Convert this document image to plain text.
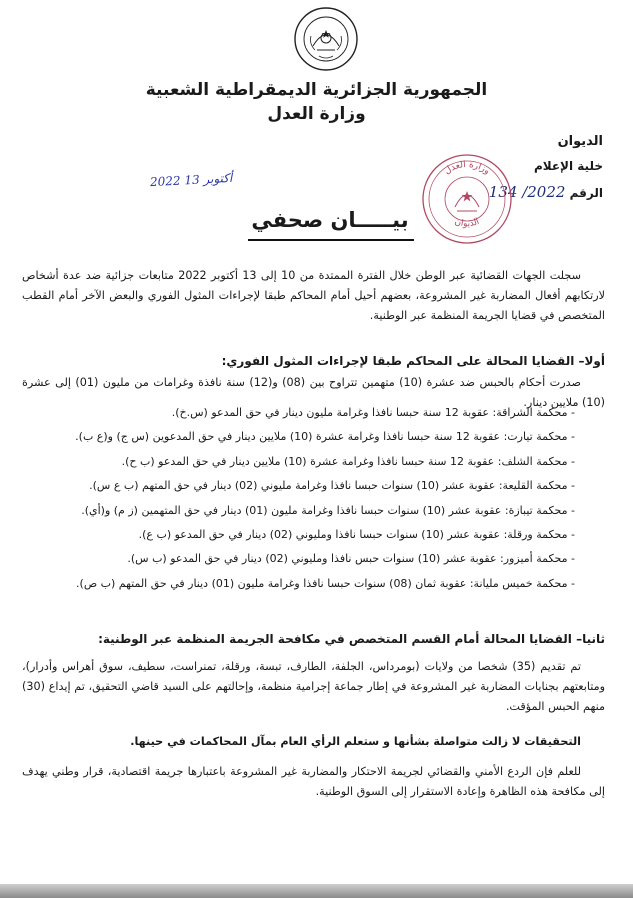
الجمهورية الجزائرية الديمقراطية الشعبية
وزارة العدل
الديوان
خلية الإعلام
الرقم 2022/ 134
2022 13 أكتوبر
وزارة العدل
الديوان
بيـــــان صحفي
سجلت الجهات القضائية عبر الوطن خلال الفترة الممتدة من 10 إلى 13 أكتوبر 2022 متابعات جزائية ضد عدة أشخاص لارتكابهم أفعال المضاربة غير المشروعة، بعضهم أحيل أمام المحاكم طبقا لإجراءات المثول الفوري والبعض الآخر أمام القطب المتخصص في قضايا الجريمة المنظمة عبر الوطنية.
أولا– القضايا المحالة على المحاكم طبقا لإجراءات المثول الفوري:
صدرت أحكام بالحبس ضد عشرة (10) متهمين تتراوح بين (08) و(12) سنة نافذة وغرامات من مليون (01) إلى عشرة (10) ملايين دينار.
- محكمة الشراقة: عقوبة 12 سنة حبسا نافذا وغرامة مليون دينار في حق المدعو (س.خ).
- محكمة تيارت: عقوبة 12 سنة حبسا نافذا وغرامة عشرة (10) ملايين دينار في حق المدعوين (س ج) و(ع ب).
- محكمة الشلف: عقوبة 12 سنة حبسا نافذا وغرامة عشرة (10) ملايين دينار في حق المدعو (ب ح).
- محكمة القليعة: عقوبة عشر (10) سنوات حبسا نافذا وغرامة مليوني (02) دينار في حق المتهم (ب ع س).
- محكمة تيبازة: عقوبة عشر (10) سنوات حبسا نافذا وغرامة مليون (01) دينار في حق المتهمين (ز م) و(أي).
- محكمة ورقلة: عقوبة عشر (10) سنوات حبسا نافذا ومليوني (02) دينار في حق المدعو (ب ع).
- محكمة أميزور: عقوبة عشر (10) سنوات حبس نافذا ومليوني (02) دينار في حق المدعو (ب س).
- محكمة خميس مليانة: عقوبة ثمان (08) سنوات حبسا نافذا وغرامة مليون (01) دينار في حق المتهم (ب ص).
ثانيا– القضايا المحالة أمام القسم المتخصص في مكافحة الجريمة المنظمة عبر الوطنية:
تم تقديم (35) شخصا من ولايات (بومرداس، الجلفة، الطارف، تبسة، ورقلة، تمنراست، سطيف، سوق أهراس وأدرار)، ومتابعتهم بجنايات المضاربة غير المشروعة في إطار جماعة إجرامية منظمة، وإحالتهم على السيد قاضي التحقيق، تم إيداع (30) منهم الحبس المؤقت.
التحقيقات لا زالت متواصلة بشأنها و ستعلم الرأي العام بمآل المحاكمات في حينها.
للعلم فإن الردع الأمني والقضائي لجريمة الاحتكار والمضاربة غير المشروعة باعتبارها جريمة اقتصادية، قرار وطني يهدف إلى مكافحة هذه الظاهرة وإعادة الاستقرار إلى السوق الوطنية.
